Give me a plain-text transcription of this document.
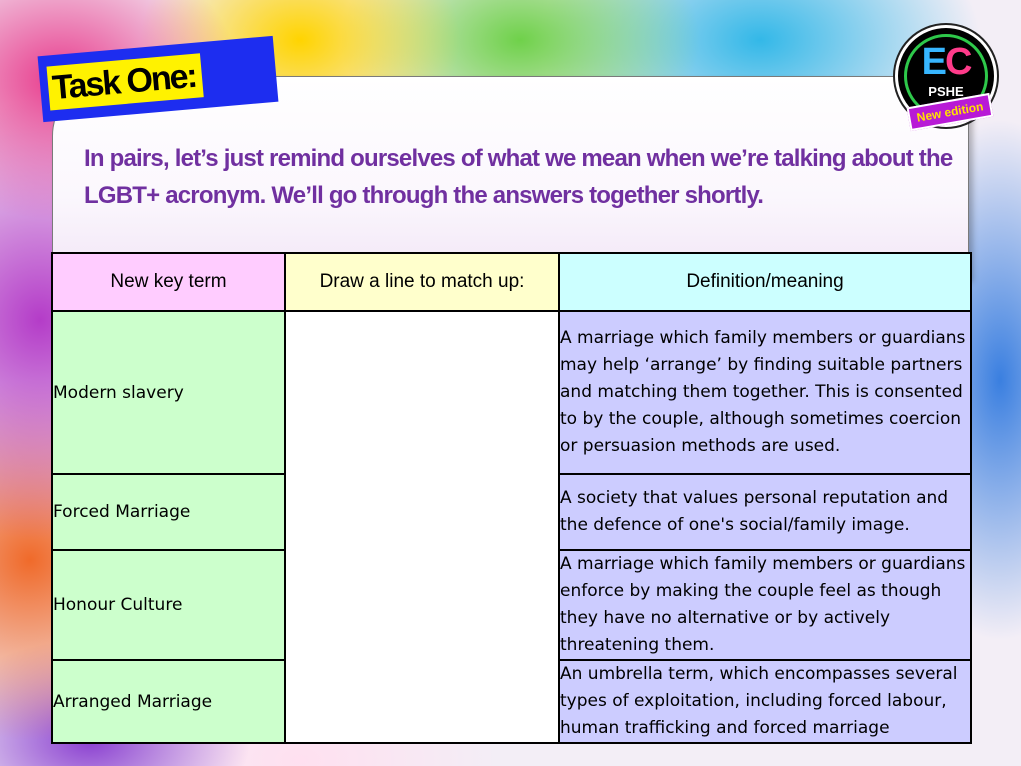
Task One:	EC
PSHE
New edition

In pairs, let’s just remind ourselves of what we mean when we’re talking about the LGBT+ acronym. We’ll go through the answers together shortly.

New key term	Draw a line to match up:	Definition/meaning
Modern slavery		A marriage which family members or guardians may help ‘arrange’ by finding suitable partners and matching them together. This is consented to by the couple, although sometimes coercion or persuasion methods are used.
Forced Marriage		A society that values personal reputation and the defence of one's social/family image.
Honour Culture		A marriage which family members or guardians enforce by making the couple feel as though they have no alternative or by actively threatening them.
Arranged Marriage		An umbrella term, which encompasses several types of exploitation, including forced labour, human trafficking and forced marriage
